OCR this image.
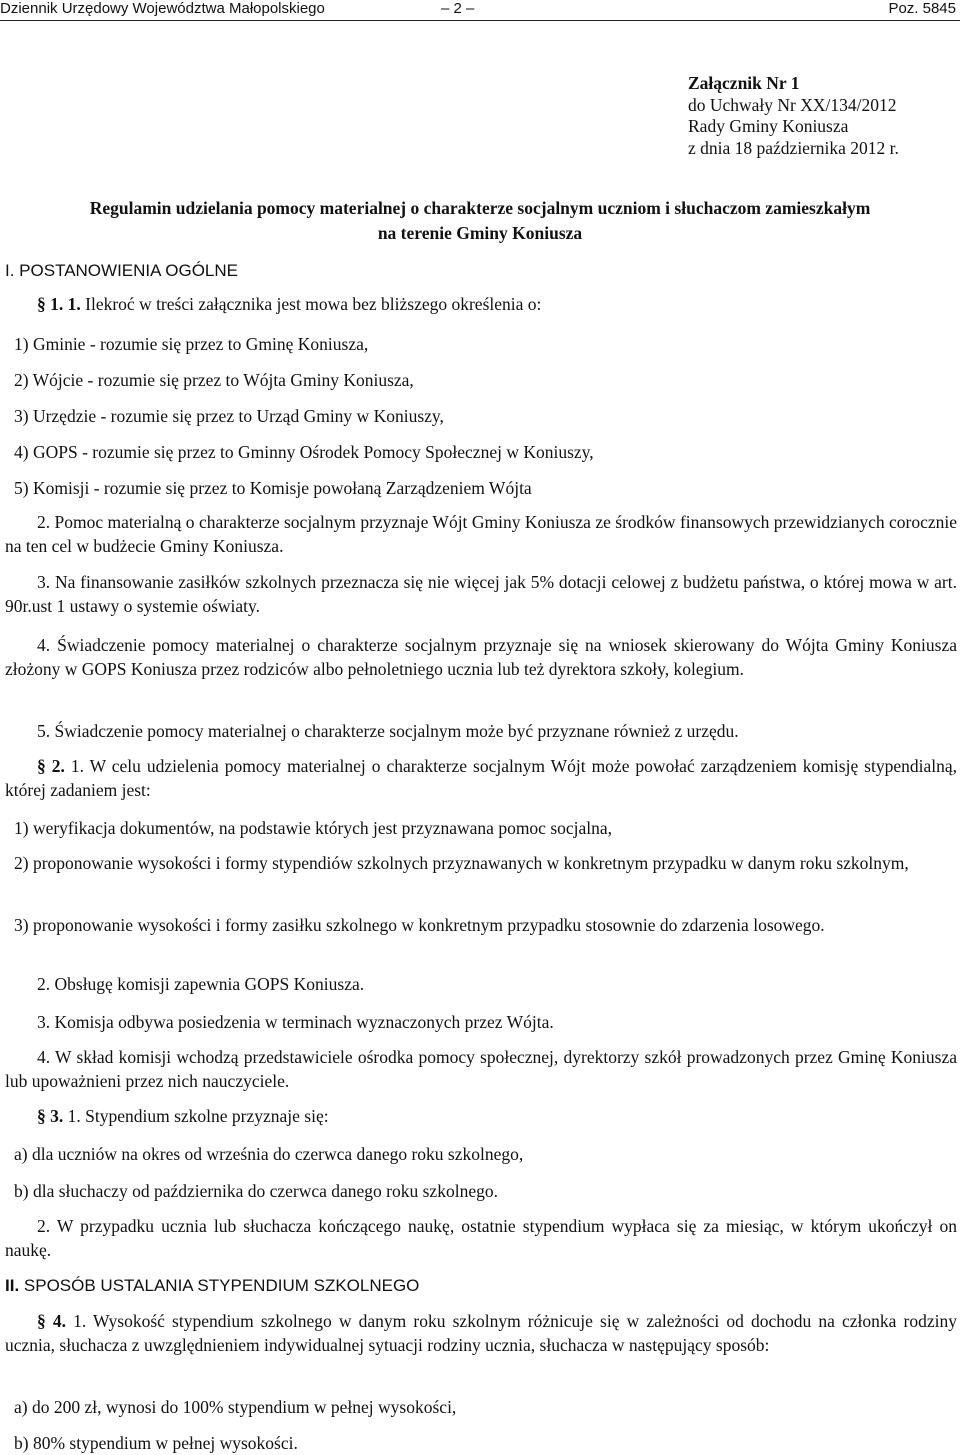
Dziennik Urzędowy Województwa Małopolskiego	– 2 –	Poz. 5845
Załącznik Nr 1
do Uchwały Nr XX/134/2012
Rady Gminy Koniusza
z dnia 18 października 2012 r.
Regulamin udzielania pomocy materialnej o charakterze socjalnym uczniom i słuchaczom zamieszkałym
na terenie Gminy Koniusza
I. POSTANOWIENIA OGÓLNE
§ 1. 1. Ilekroć w treści załącznika jest mowa bez bliższego określenia o:
1) Gminie - rozumie się przez to Gminę Koniusza,
2) Wójcie - rozumie się przez to Wójta Gminy Koniusza,
3) Urzędzie - rozumie się przez to Urząd Gminy w Koniuszy,
4) GOPS - rozumie się przez to Gminny Ośrodek Pomocy Społecznej w Koniuszy,
5) Komisji - rozumie się przez to Komisje powołaną Zarządzeniem Wójta
2. Pomoc materialną o charakterze socjalnym przyznaje Wójt Gminy Koniusza ze środków finansowych przewidzianych corocznie na ten cel w budżecie Gminy Koniusza.
3. Na finansowanie zasiłków szkolnych przeznacza się nie więcej jak 5% dotacji celowej z budżetu państwa, o której mowa w art. 90r.ust 1 ustawy o systemie oświaty.
4. Świadczenie pomocy materialnej o charakterze socjalnym przyznaje się na wniosek skierowany do Wójta Gminy Koniusza złożony w GOPS Koniusza przez rodziców albo pełnoletniego ucznia lub też dyrektora szkoły, kolegium.
5. Świadczenie pomocy materialnej o charakterze socjalnym może być przyznane również z urzędu.
§ 2. 1. W celu udzielenia pomocy materialnej o charakterze socjalnym Wójt może powołać zarządzeniem komisję stypendialną, której zadaniem jest:
1) weryfikacja dokumentów, na podstawie których jest przyznawana pomoc socjalna,
2) proponowanie wysokości i formy stypendiów szkolnych przyznawanych w konkretnym przypadku w danym roku szkolnym,
3) proponowanie wysokości i formy zasiłku szkolnego w konkretnym przypadku stosownie do zdarzenia losowego.
2. Obsługę komisji zapewnia GOPS Koniusza.
3. Komisja odbywa posiedzenia w terminach wyznaczonych przez Wójta.
4. W skład komisji wchodzą przedstawiciele ośrodka pomocy społecznej, dyrektorzy szkół prowadzonych przez Gminę Koniusza lub upoważnieni przez nich nauczyciele.
§ 3. 1. Stypendium szkolne przyznaje się:
a) dla uczniów na okres od września do czerwca danego roku szkolnego,
b) dla słuchaczy od października do czerwca danego roku szkolnego.
2. W przypadku ucznia lub słuchacza kończącego naukę, ostatnie stypendium wypłaca się za miesiąc, w którym ukończył on naukę.
II. SPOSÓB USTALANIA STYPENDIUM SZKOLNEGO
§ 4. 1. Wysokość stypendium szkolnego w danym roku szkolnym różnicuje się w zależności od dochodu na członka rodziny ucznia, słuchacza z uwzględnieniem indywidualnej sytuacji rodziny ucznia, słuchacza w następujący sposób:
a) do 200 zł, wynosi do 100% stypendium w pełnej wysokości,
b) 80% stypendium w pełnej wysokości.
